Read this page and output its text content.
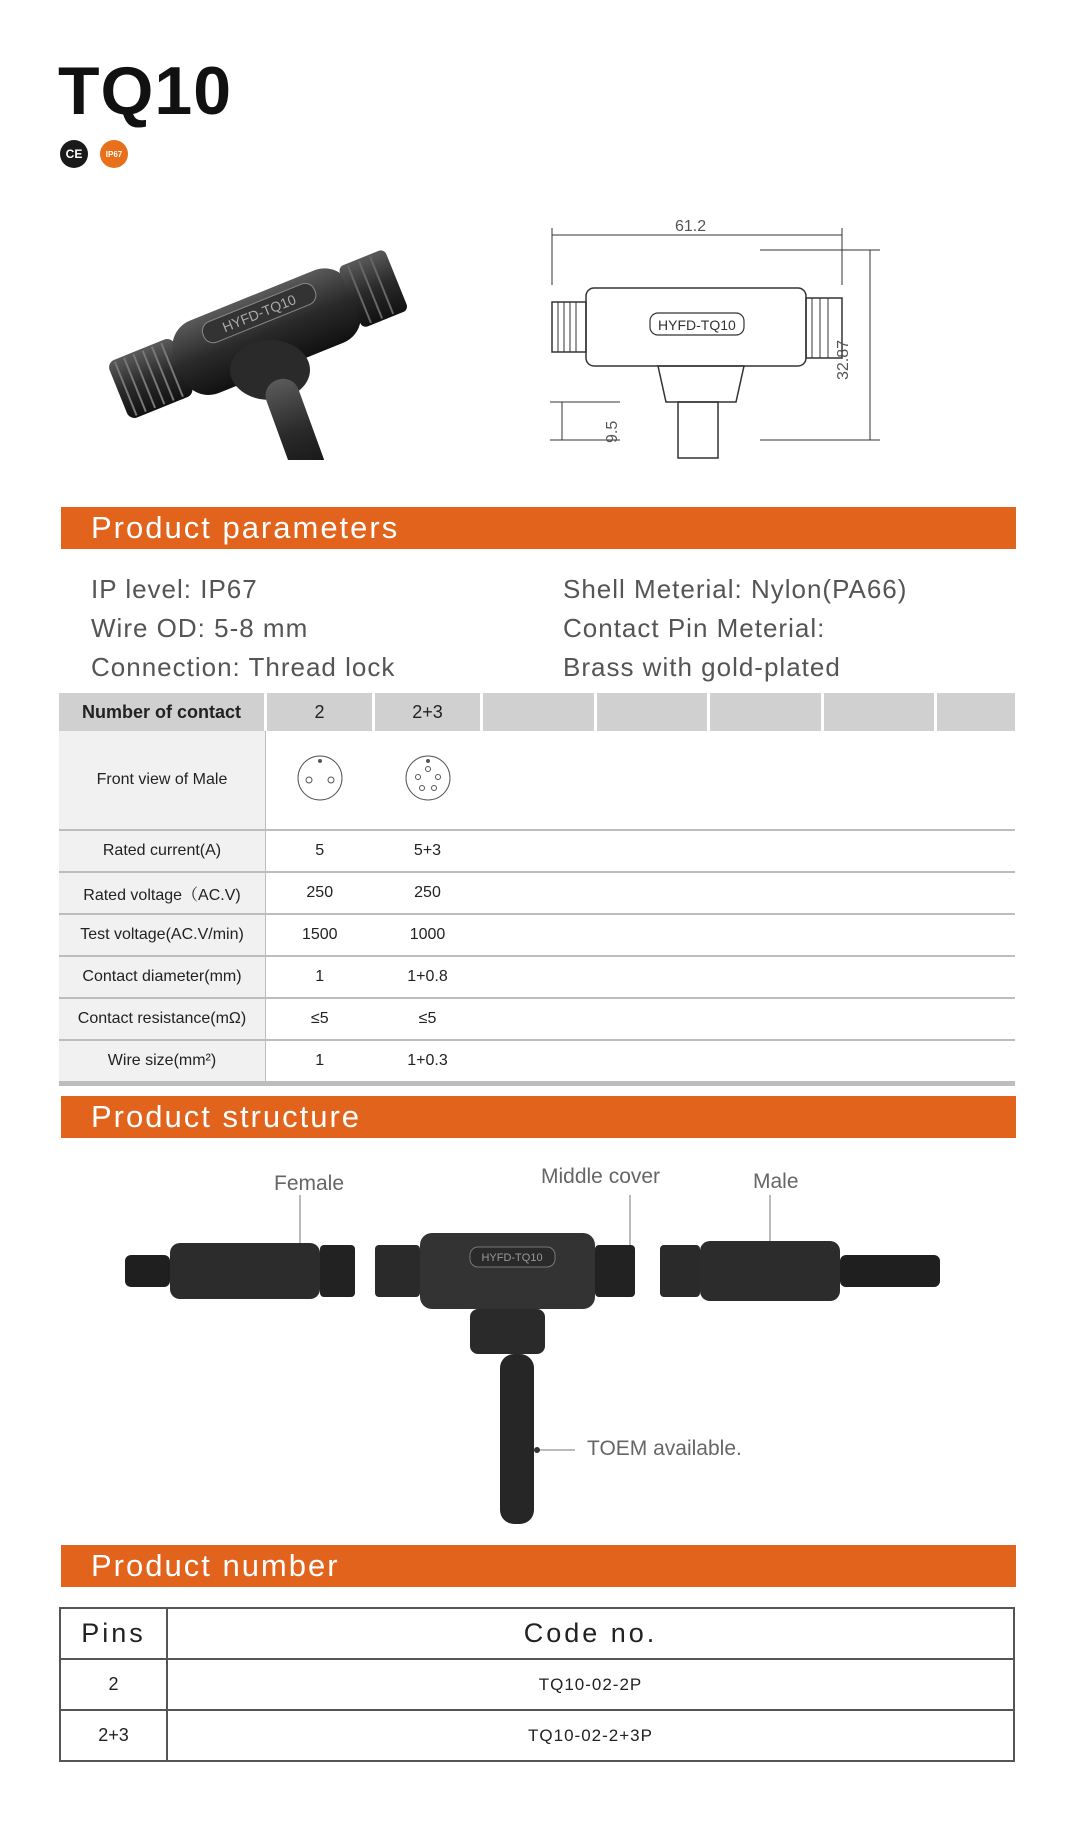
TQ10
CE	IP67
HYFD-TQ10
61.2
32.87
9.5
HYFD-TQ10
Product parameters
IP level: IP67
Wire OD: 5-8 mm
Connection: Thread lock
Shell Meterial: Nylon(PA66)
Contact Pin Meterial:
Brass with gold-plated
Number of contact	2	2+3					
Front view of Male			
Rated current(A)	5	5+3					
Rated voltage（AC.V)	250	250					
Test voltage(AC.V/min)	1500	1000					
Contact diameter(mm)	1	1+0.8					
Contact resistance(mΩ)	≤5	≤5					
Wire size(mm²)	1	1+0.3					
Product structure
Female	Middle cover	Male
TOEM available.
HYFD-TQ10
Product number
Pins	Code no.
2	TQ10-02-2P
2+3	TQ10-02-2+3P
